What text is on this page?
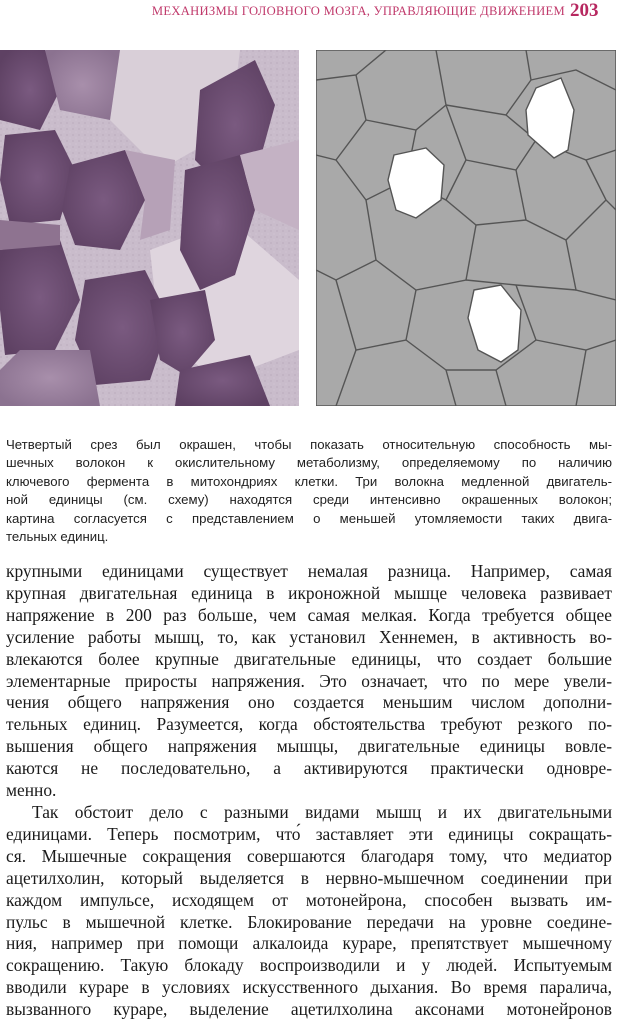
МЕХАНИЗМЫ ГОЛОВНОГО МОЗГА, УПРАВЛЯЮЩИЕ ДВИЖЕНИЕМ 203
Четвертый срез был окрашен, чтобы показать относительную способность мы-
шечных волокон к окислительному метаболизму, определяемому по наличию
ключевого фермента в митохондриях клетки. Три волокна медленной двигатель-
ной единицы (см. схему) находятся среди интенсивно окрашенных волокон;
картина согласуется с представлением о меньшей утомляемости таких двига-
тельных единиц.
крупными единицами существует немалая разница. Например, самая
крупная двигательная единица в икроножной мышце человека развивает
напряжение в 200 раз больше, чем самая мелкая. Когда требуется общее
усиление работы мышц, то, как установил Хеннемен, в активность во-
влекаются более крупные двигательные единицы, что создает большие
элементарные приросты напряжения. Это означает, что по мере увели-
чения общего напряжения оно создается меньшим числом дополни-
тельных единиц. Разумеется, когда обстоятельства требуют резкого по-
вышения общего напряжения мышцы, двигательные единицы вовле-
каются не последовательно, а активируются практически одновре-
менно.
Так обстоит дело с разными видами мышц и их двигательными
единицами. Теперь посмотрим, что́ заставляет эти единицы сокращать-
ся. Мышечные сокращения совершаются благодаря тому, что медиатор
ацетилхолин, который выделяется в нервно-мышечном соединении при
каждом импульсе, исходящем от мотонейрона, способен вызвать им-
пульс в мышечной клетке. Блокирование передачи на уровне соедине-
ния, например при помощи алкалоида кураре, препятствует мышечному
сокращению. Такую блокаду воспроизводили и у людей. Испытуемым
вводили кураре в условиях искусственного дыхания. Во время паралича,
вызванного кураре, выделение ацетилхолина аксонами мотонейронов
